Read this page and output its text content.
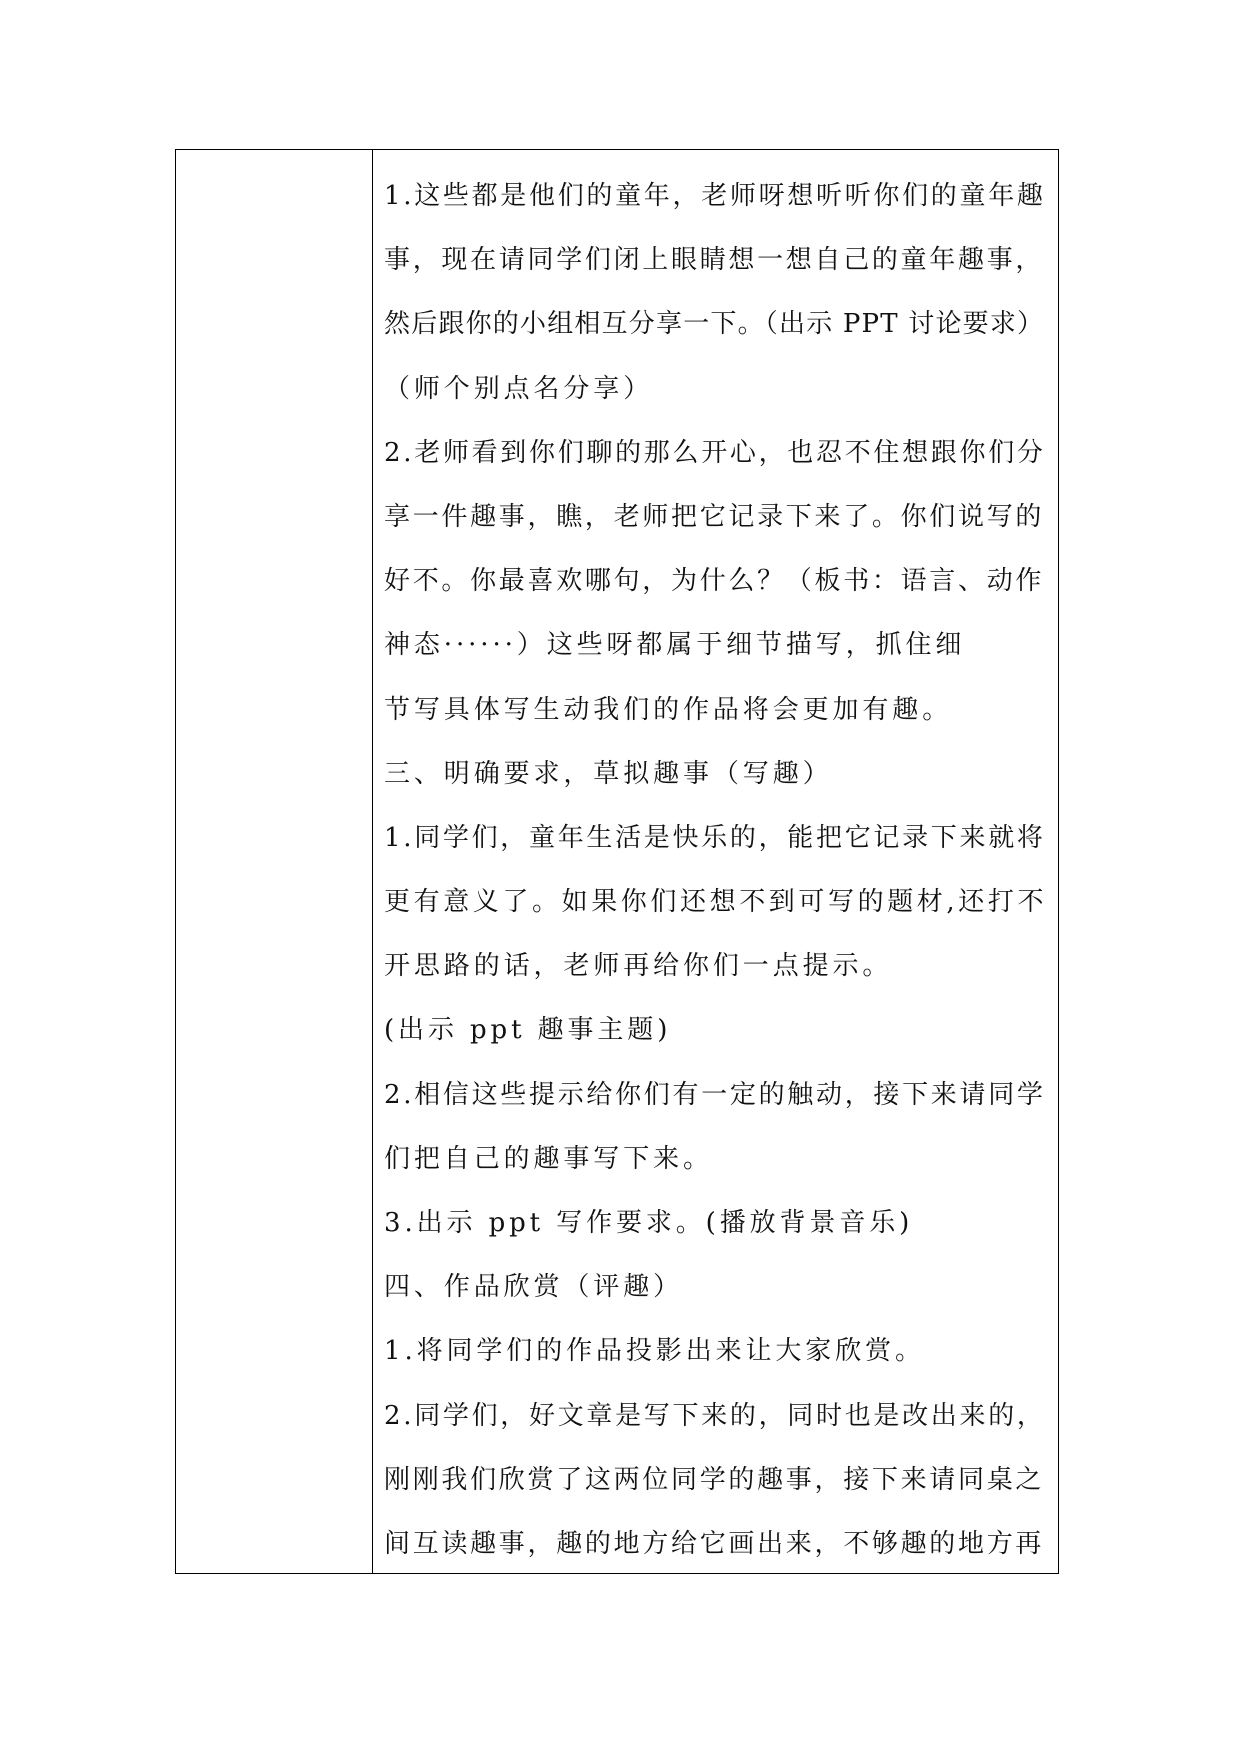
1.这些都是他们的童年，老师呀想听听你们的童年趣
事，现在请同学们闭上眼睛想一想自己的童年趣事，
然后跟你的小组相互分享一下。（出示 PPT 讨论要求）
（师个别点名分享）
2.老师看到你们聊的那么开心，也忍不住想跟你们分
享一件趣事，瞧，老师把它记录下来了。你们说写的
好不。你最喜欢哪句，为什么？（板书：语言、动作
神态······）这些呀都属于细节描写，抓住细
节写具体写生动我们的作品将会更加有趣。
三、明确要求，草拟趣事（写趣）
1.同学们，童年生活是快乐的，能把它记录下来就将
更有意义了。如果你们还想不到可写的题材,还打不
开思路的话，老师再给你们一点提示。
(出示 ppt 趣事主题)
2.相信这些提示给你们有一定的触动，接下来请同学
们把自己的趣事写下来。
3.出示 ppt 写作要求。(播放背景音乐)
四、作品欣赏（评趣）
1.将同学们的作品投影出来让大家欣赏。
2.同学们，好文章是写下来的，同时也是改出来的，
刚刚我们欣赏了这两位同学的趣事，接下来请同桌之
间互读趣事，趣的地方给它画出来，不够趣的地方再
